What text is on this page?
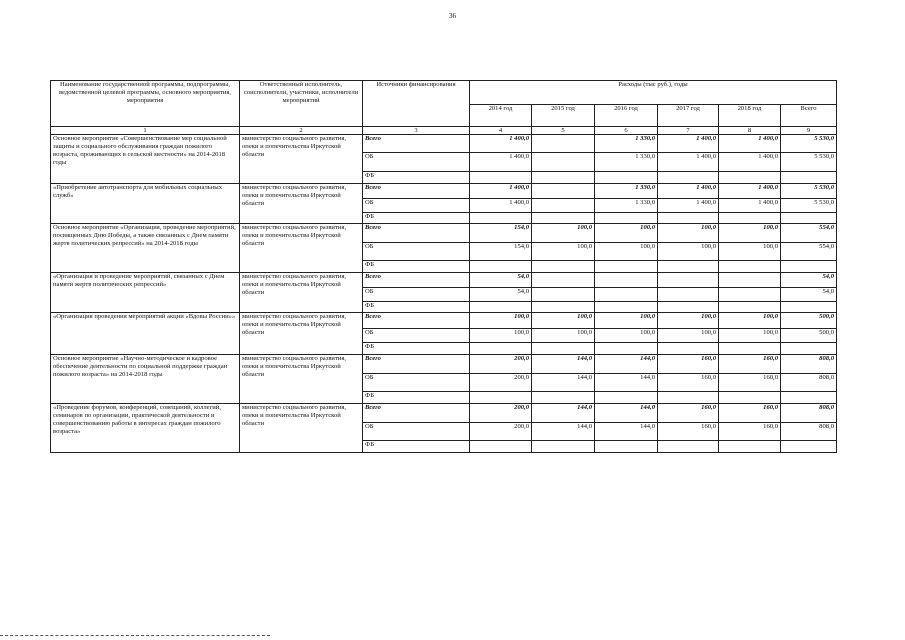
36
Наименование государственной программы, подпрограммы, ведомственной целевой программы, основного мероприятия, мероприятия	Ответственный исполнитель, соисполнители, участники, исполнители мероприятий	Источники финансирования	Расходы (тыс руб.), годы					
			2014 год	2015 год	2016 год	2017 год	2018 год	Всего
1	2	3	4	5	6	7	8	9
Основное мероприятие «Совершенствование мер социальной защиты и социального обслуживания граждан пожилого возраста, проживающих в сельской местности» на 2014-2018 годы	министерство социального развития, опеки и попечительства Иркутской области	Всего	1 400,0		1 330,0	1 400,0	1 400,0	5 530,0
		ОБ	1 400,0		1 330,0	1 400,0	1 400,0	5 530,0
		ФБ						
«Приобретение автотранспорта для мобильных социальных служб»	министерство социального развития, опеки и попечительства Иркутской области	Всего	1 400,0		1 330,0	1 400,0	1 400,0	5 530,0
		ОБ	1 400,0		1 330,0	1 400,0	1 400,0	5 530,0
		ФБ						
Основное мероприятие «Организация, проведение мероприятий, посвященных Дню Победы, а также связанных с Днем памяти жертв политических репрессий» на 2014-2018 годы	министерство социального развития, опеки и попечительства Иркутской области	Всего	154,0	100,0	100,0	100,0	100,0	554,0
		ОБ	154,0	100,0	100,0	100,0	100,0	554,0
		ФБ						
«Организация и проведение мероприятий, связанных с Днем памяти жертв политических репрессий»	министерство социального развития, опеки и попечительства Иркутской области	Всего	54,0					54,0
		ОБ	54,0					54,0
		ФБ						
«Организация проведения мероприятий акции «Вдовы России»»	министерство социального развития, опеки и попечительства Иркутской области	Всего	100,0	100,0	100,0	100,0	100,0	500,0
		ОБ	100,0	100,0	100,0	100,0	100,0	500,0
		ФБ						
Основное мероприятие «Научно-методическое и кадровое обеспечение деятельности по социальной поддержке граждан пожилого возраста» на 2014-2018 годы	министерство социального развития, опеки и попечительства Иркутской области	Всего	200,0	144,0	144,0	160,0	160,0	808,0
		ОБ	200,0	144,0	144,0	160,0	160,0	808,0
		ФБ						
«Проведение форумов, конференций, совещаний, коллегий, семинаров по организации, практической деятельности и совершенствованию работы в интересах граждан пожилого возраста»	министерство социального развития, опеки и попечительства Иркутской области	Всего	200,0	144,0	144,0	160,0	160,0	808,0
		ОБ	200,0	144,0	144,0	160,0	160,0	808,0
		ФБ						
